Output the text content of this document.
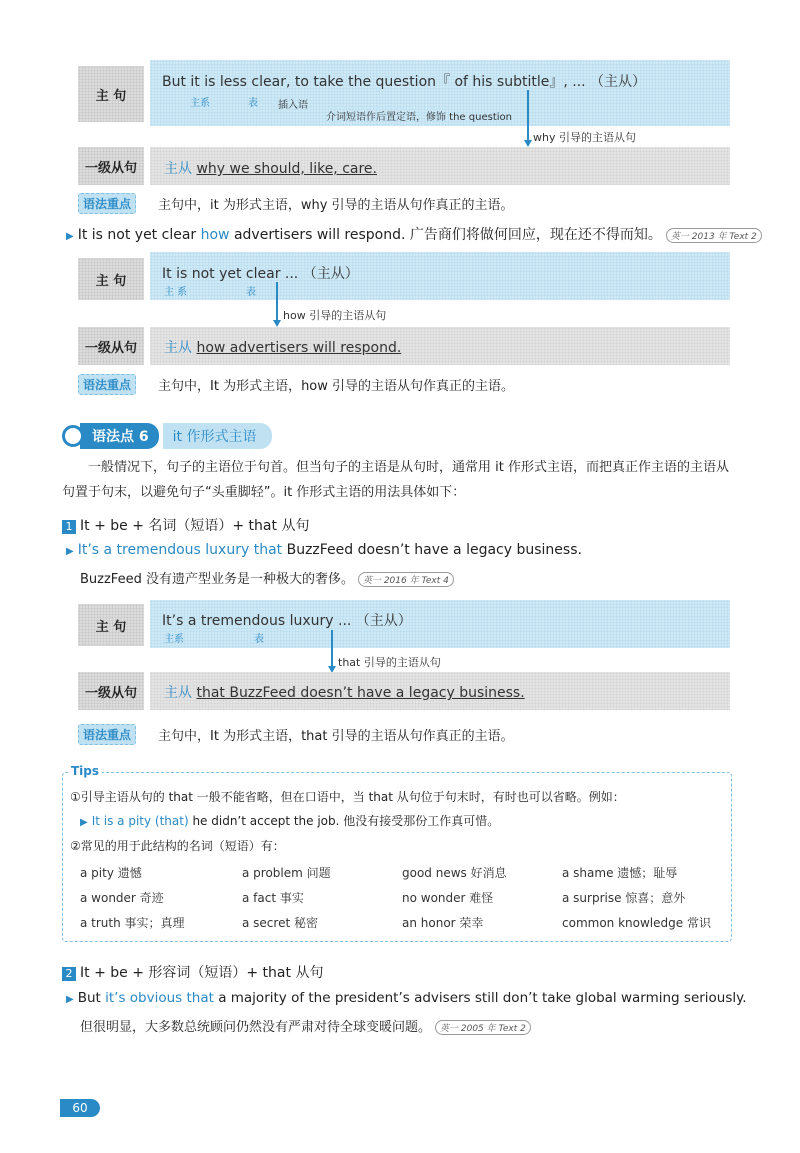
主 句
But it is less clear, to take the question『 of his subtitle』, ... （主从）
主系	表 插入语
介词短语作后置定语，修饰 the question
why 引导的主语从句
一级从句	主从 why we should, like, care.
语法重点	主句中，it 为形式主语，why 引导的主语从句作真正的主语。
▶ It is not yet clear how advertisers will respond. 广告商们将做何回应，现在还不得而知。 英一 2013 年 Text 2
主 句	It is not yet clear ... （主从）
主 系	表
how 引导的主语从句
一级从句	主从 how advertisers will respond.
语法重点	主句中，It 为形式主语，how 引导的主语从句作真正的主语。
语法点 6	it 作形式主语
一般情况下，句子的主语位于句首。但当句子的主语是从句时，通常用 it 作形式主语，而把真正作主语的主语从句置于句末，以避免句子“头重脚轻”。it 作形式主语的用法具体如下：
1 It + be + 名词（短语）+ that 从句
▶ It’s a tremendous luxury that BuzzFeed doesn’t have a legacy business.
BuzzFeed 没有遗产型业务是一种极大的奢侈。 英一 2016 年 Text 4
主 句	It’s a tremendous luxury ... （主从）
主系	表
that 引导的主语从句
一级从句	主从 that BuzzFeed doesn’t have a legacy business.
语法重点	主句中，It 为形式主语，that 引导的主语从句作真正的主语。
Tips
①引导主语从句的 that 一般不能省略，但在口语中，当 that 从句位于句末时，有时也可以省略。例如：
▶ It is a pity (that) he didn’t accept the job. 他没有接受那份工作真可惜。
②常见的用于此结构的名词（短语）有：
a pity 遗憾	a problem 问题	good news 好消息	a shame 遗憾；耻辱
a wonder 奇迹	a fact 事实	no wonder 难怪	a surprise 惊喜；意外
a truth 事实；真理	a secret 秘密	an honor 荣幸	common knowledge 常识
2 It + be + 形容词（短语）+ that 从句
▶ But it’s obvious that a majority of the president’s advisers still don’t take global warming seriously.
但很明显，大多数总统顾问仍然没有严肃对待全球变暖问题。 英一 2005 年 Text 2
60
